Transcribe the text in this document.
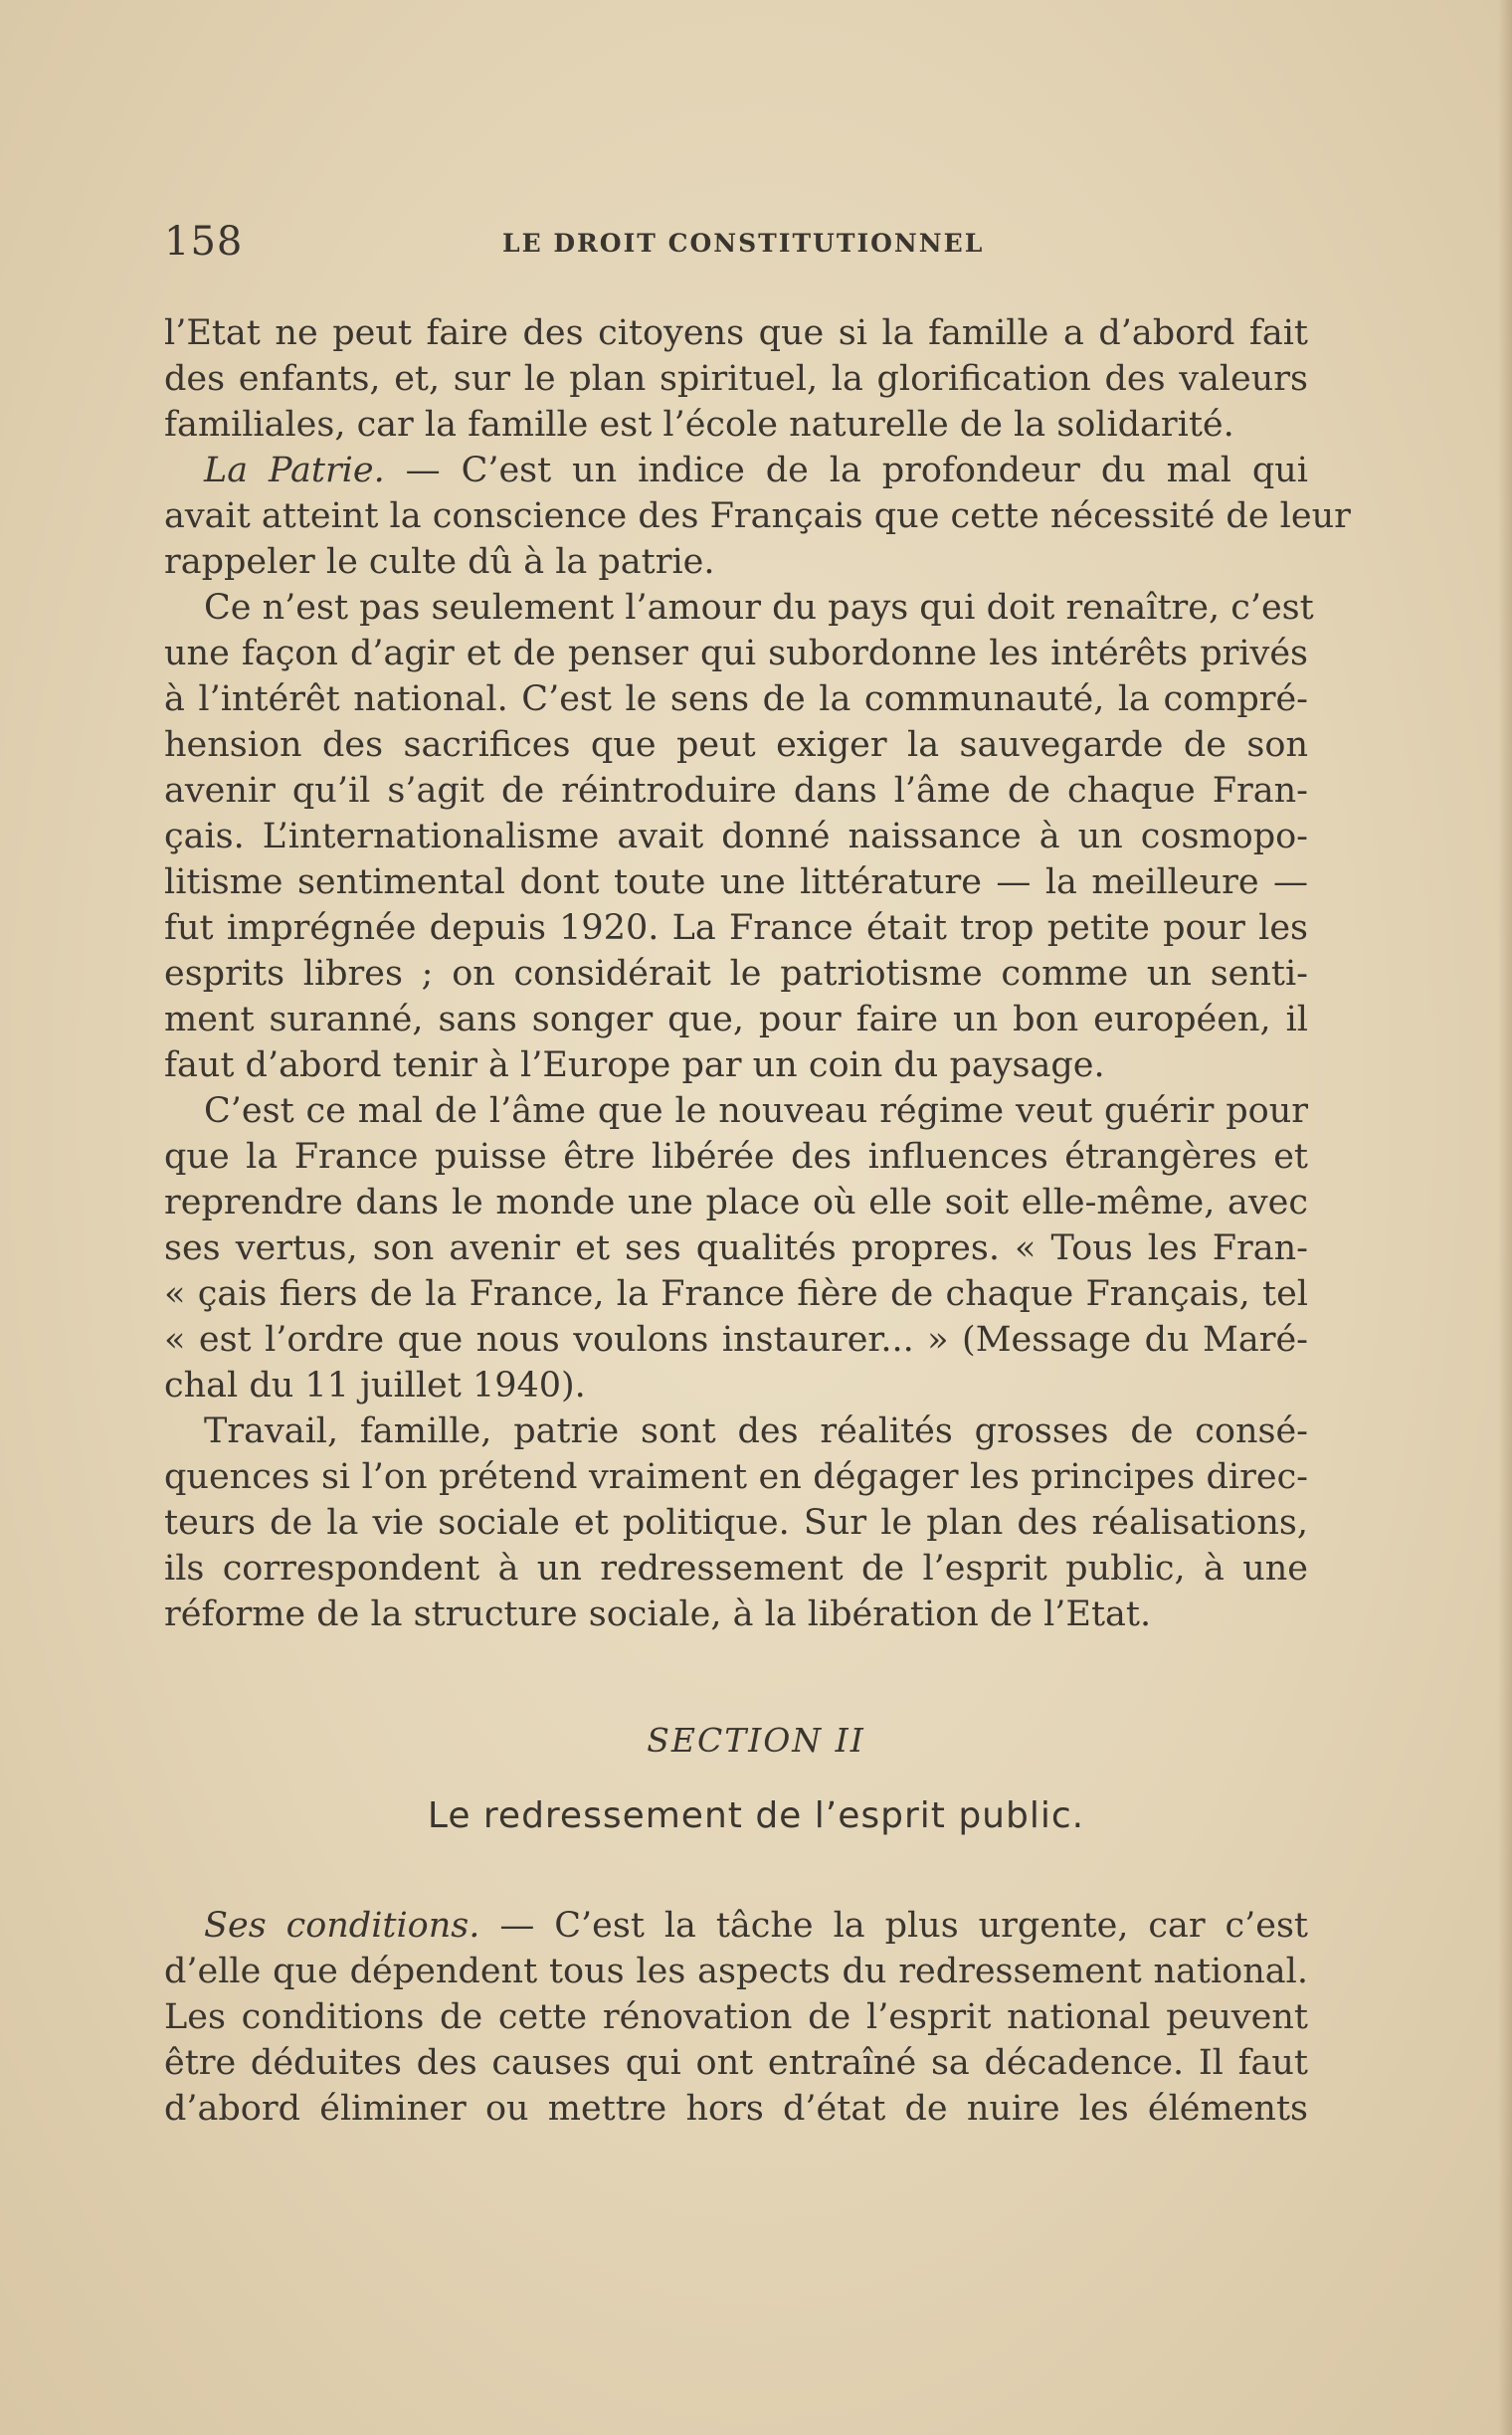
158	LE DROIT CONSTITUTIONNEL
l’Etat ne peut faire des citoyens que si la famille a d’abord fait
des enfants, et, sur le plan spirituel, la glorification des valeurs
familiales, car la famille est l’école naturelle de la solidarité.
La Patrie. — C’est un indice de la profondeur du mal qui
avait atteint la conscience des Français que cette nécessité de leur
rappeler le culte dû à la patrie.
Ce n’est pas seulement l’amour du pays qui doit renaître, c’est
une façon d’agir et de penser qui subordonne les intérêts privés
à l’intérêt national. C’est le sens de la communauté, la compré-
hension des sacrifices que peut exiger la sauvegarde de son
avenir qu’il s’agit de réintroduire dans l’âme de chaque Fran-
çais. L’internationalisme avait donné naissance à un cosmopo-
litisme sentimental dont toute une littérature — la meilleure —
fut imprégnée depuis 1920. La France était trop petite pour les
esprits libres ; on considérait le patriotisme comme un senti-
ment suranné, sans songer que, pour faire un bon européen, il
faut d’abord tenir à l’Europe par un coin du paysage.
C’est ce mal de l’âme que le nouveau régime veut guérir pour
que la France puisse être libérée des influences étrangères et
reprendre dans le monde une place où elle soit elle-même, avec
ses vertus, son avenir et ses qualités propres. « Tous les Fran-
« çais fiers de la France, la France fière de chaque Français, tel
« est l’ordre que nous voulons instaurer... » (Message du Maré-
chal du 11 juillet 1940).
Travail, famille, patrie sont des réalités grosses de consé-
quences si l’on prétend vraiment en dégager les principes direc-
teurs de la vie sociale et politique. Sur le plan des réalisations,
ils correspondent à un redressement de l’esprit public, à une
réforme de la structure sociale, à la libération de l’Etat.
SECTION II
Le redressement de l’esprit public.
Ses conditions. — C’est la tâche la plus urgente, car c’est
d’elle que dépendent tous les aspects du redressement national.
Les conditions de cette rénovation de l’esprit national peuvent
être déduites des causes qui ont entraîné sa décadence. Il faut
d’abord éliminer ou mettre hors d’état de nuire les éléments
